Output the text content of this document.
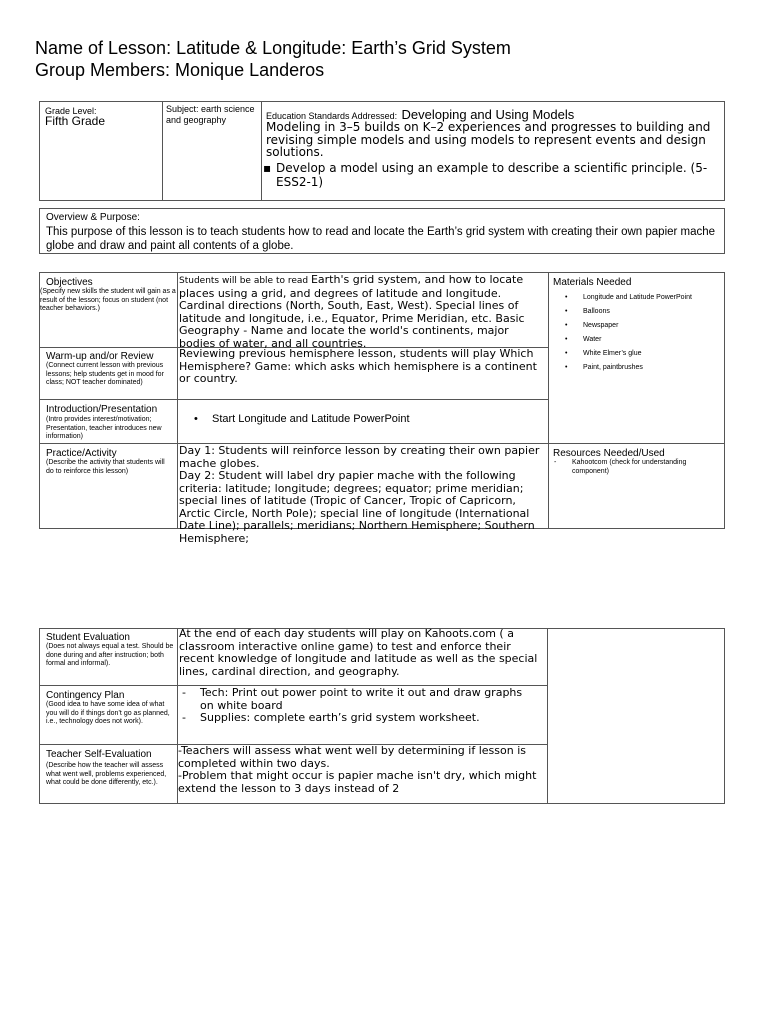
Name of Lesson: Latitude & Longitude: Earth’s Grid System
Group Members: Monique Landeros
Grade Level:
Fifth Grade
Subject: earth science and geography	Education Standards Addressed: Developing and Using Models
Modeling in 3–5 builds on K–2 experiences and progresses to building and revising simple models and using models to represent events and design solutions.
▪ Develop a model using an example to describe a scientific principle. (5-ESS2-1)
Overview & Purpose:
This purpose of this lesson is to teach students how to read and locate the Earth’s grid system with creating their own papier mache globe and draw and paint all contents of a globe.
Objectives
(Specify new skills the student will gain as a result of the lesson; focus on student (not teacher behaviors.)
Students will be able to read Earth's grid system, and how to locate places using a grid, and degrees of latitude and longitude. Cardinal directions (North, South, East, West). Special lines of latitude and longitude, i.e., Equator, Prime Meridian, etc. Basic Geography - Name and locate the world's continents, major bodies of water, and all countries.
Warm-up and/or Review
(Connect current lesson with previous lessons; help students get in mood for class; NOT teacher dominated)
Reviewing previous hemisphere lesson, students will play Which Hemisphere? Game: which asks which hemisphere is a continent or country.
Introduction/Presentation
(Intro provides interest/motivation; Presentation, teacher introduces new information)
• Start Longitude and Latitude PowerPoint
Practice/Activity
(Describe the activity that students will do to reinforce this lesson)
Day 1: Students will reinforce lesson by creating their own papier mache globes.
Day 2: Student will label dry papier mache with the following criteria: latitude; longitude; degrees; equator; prime meridian; special lines of latitude (Tropic of Cancer, Tropic of Capricorn, Arctic Circle, North Pole); special line of longitude (International Date Line); parallels; meridians; Northern Hemisphere; Southern Hemisphere;
Materials Needed
• Longitude and Latitude PowerPoint
• Balloons
• Newspaper
• Water
• White Elmer’s glue
• Paint, paintbrushes
Resources Needed/Used
- Kahootcom (check for understanding component)
Student Evaluation
(Does not always equal a test. Should be done during and after instruction; both formal and informal).
At the end of each day students will play on Kahoots.com ( a classroom interactive online game) to test and enforce their recent knowledge of longitude and latitude as well as the special lines, cardinal direction, and geography.
Contingency Plan
(Good idea to have some idea of what you will do if things don’t go as planned, i.e., technology does not work).
- Tech: Print out power point to write it out and draw graphs on white board
- Supplies: complete earth’s grid system worksheet.
Teacher Self-Evaluation
(Describe how the teacher will assess what went well, problems experienced, what could be done differently, etc.).
-Teachers will assess what went well by determining if lesson is completed within two days.
-Problem that might occur is papier mache isn't dry, which might extend the lesson to 3 days instead of 2
